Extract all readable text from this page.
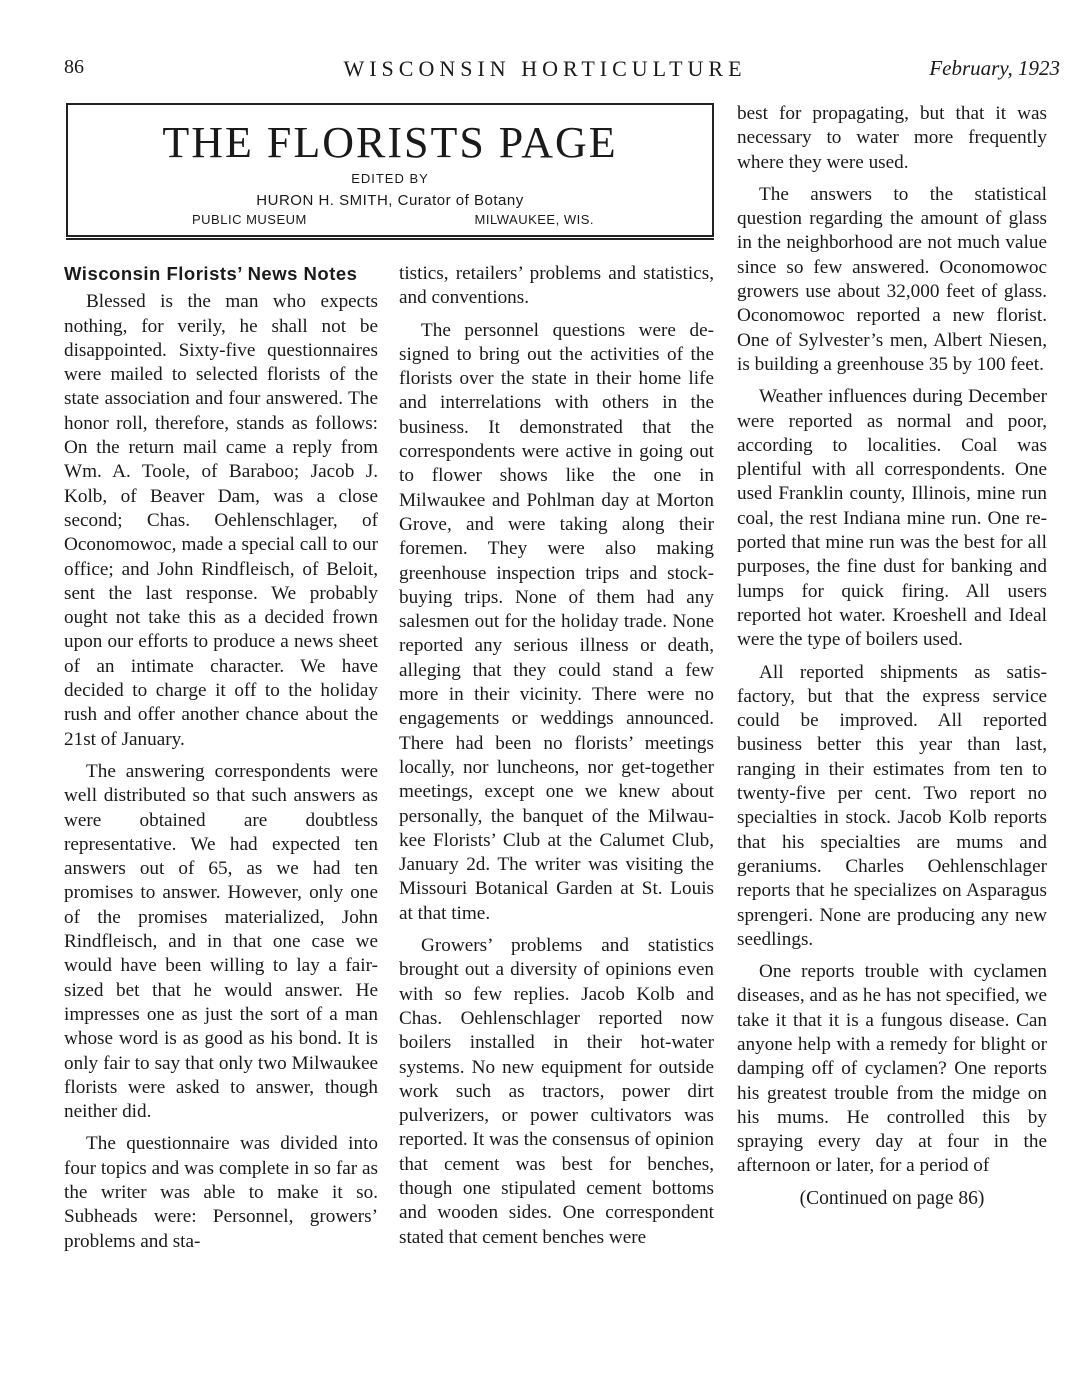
86	WISCONSIN HORTICULTURE	February, 1923
THE FLORISTS PAGE
EDITED BY
HURON H. SMITH, Curator of Botany
PUBLIC MUSEUM	MILWAUKEE, WIS.
Wisconsin Florists’ News Notes

Blessed is the man who expects nothing, for verily, he shall not be disappointed. Sixty-five questionnaires were mailed to selected florists of the state association and four answered. The honor roll, therefore, stands as follows: On the return mail came a reply from Wm. A. Toole, of Baraboo; Jacob J. Kolb, of Beaver Dam, was a close second; Chas. Oehlenschlager, of Oconomowoc, made a special call to our office; and John Rindfleisch, of Beloit, sent the last response. We probably ought not take this as a decided frown upon our efforts to produce a news sheet of an intimate character. We have decided to charge it off to the holiday rush and offer another chance about the 21st of January.

The answering correspondents were well distributed so that such answers as were obtained are doubtless representative. We had expected ten answers out of 65, as we had ten promises to answer. However, only one of the promises materialized, John Rindfleisch, and in that one case we would have been willing to lay a fair-sized bet that he would answer. He impresses one as just the sort of a man whose word is as good as his bond. It is only fair to say that only two Milwaukee florists were asked to answer, though neither did.

The questionnaire was divided into four topics and was complete in so far as the writer was able to make it so. Subheads were: Personnel, growers’ problems and sta-

tistics, retailers’ problems and statistics, and conventions.

The personnel questions were designed to bring out the activities of the florists over the state in their home life and interrelations with others in the business. It demonstrated that the correspondents were active in going out to flower shows like the one in Milwaukee and Pohlman day at Morton Grove, and were taking along their foremen. They were also making greenhouse inspection trips and stock-buying trips. None of them had any salesmen out for the holiday trade. None reported any serious illness or death, alleging that they could stand a few more in their vicinity. There were no engagements or weddings announced. There had been no florists’ meetings locally, nor luncheons, nor get-together meetings, except one we knew about personally, the banquet of the Milwaukee Florists’ Club at the Calumet Club, January 2d. The writer was visiting the Missouri Botanical Garden at St. Louis at that time.

Growers’ problems and statistics brought out a diversity of opinions even with so few replies. Jacob Kolb and Chas. Oehlenschlager reported now boilers installed in their hot-water systems. No new equipment for outside work such as tractors, power dirt pulverizers, or power cultivators was reported. It was the consensus of opinion that cement was best for benches, though one stipulated cement bottoms and wooden sides. One correspondent stated that cement benches were

best for propagating, but that it was necessary to water more frequently where they were used.

The answers to the statistical question regarding the amount of glass in the neighborhood are not much value since so few answered. Oconomowoc growers use about 32,000 feet of glass. Oconomowoc reported a new florist. One of Sylvester’s men, Albert Niesen, is building a greenhouse 35 by 100 feet.

Weather influences during December were reported as normal and poor, according to localities. Coal was plentiful with all correspondents. One used Franklin county, Illinois, mine run coal, the rest Indiana mine run. One reported that mine run was the best for all purposes, the fine dust for banking and lumps for quick firing. All users reported hot water. Kroeshell and Ideal were the type of boilers used.

All reported shipments as satisfactory, but that the express service could be improved. All reported business better this year than last, ranging in their estimates from ten to twenty-five per cent. Two report no specialties in stock. Jacob Kolb reports that his specialties are mums and geraniums. Charles Oehlenschlager reports that he specializes on Asparagus sprengeri. None are producing any new seedlings.

One reports trouble with cyclamen diseases, and as he has not specified, we take it that it is a fungous disease. Can anyone help with a remedy for blight or damping off of cyclamen? One reports his greatest trouble from the midge on his mums. He controlled this by spraying every day at four in the afternoon or later, for a period of

(Continued on page 86)
